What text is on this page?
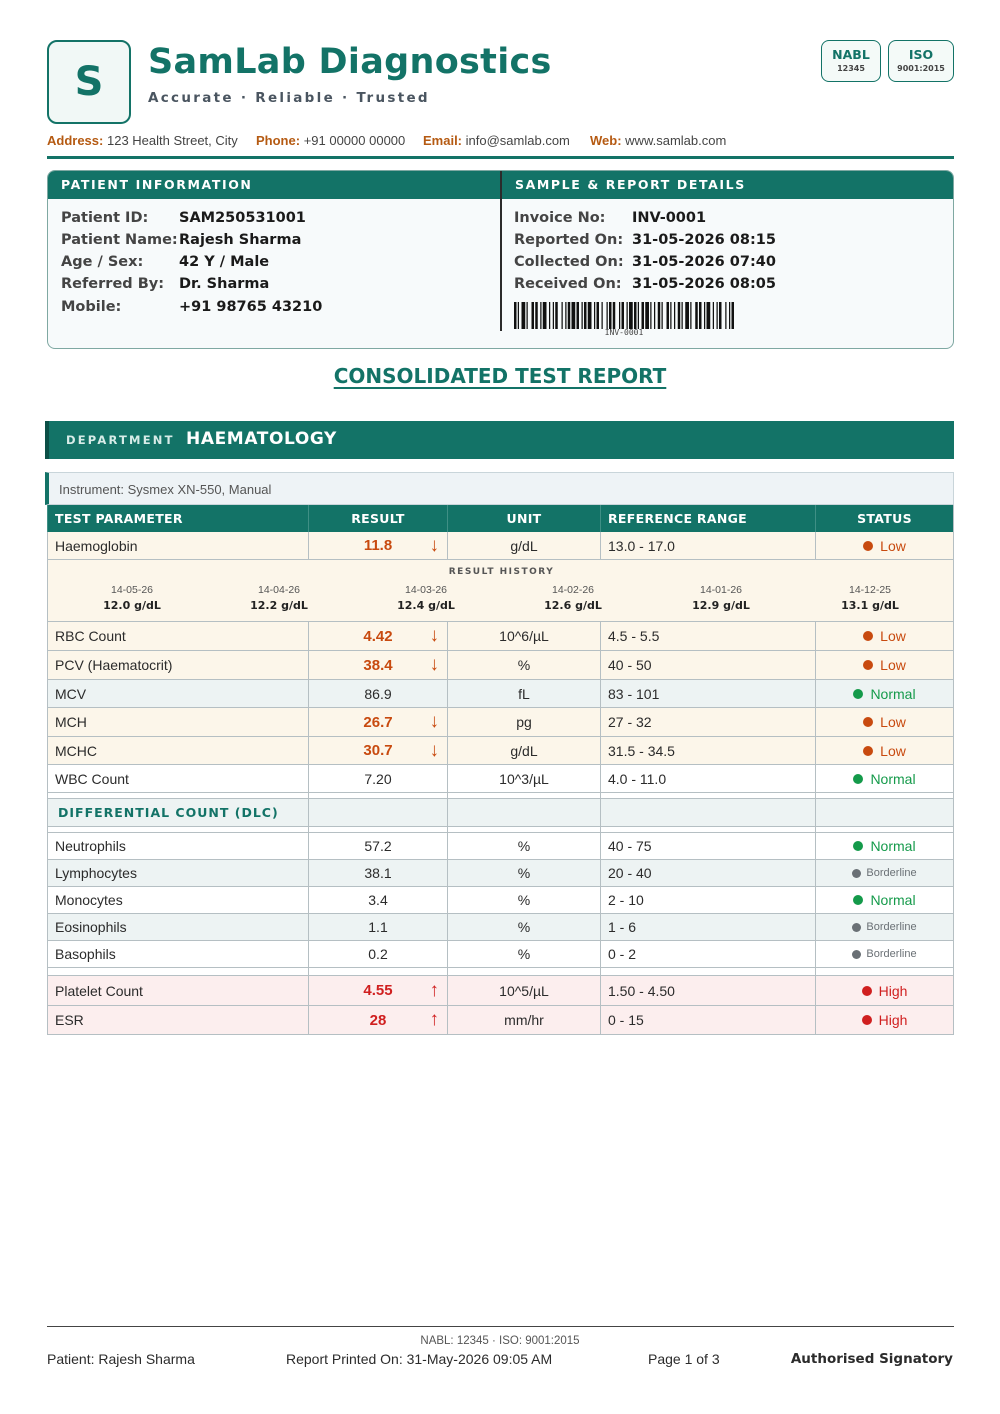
S	SamLab Diagnostics
Accurate · Reliable · Trusted
NABL
12345
ISO
9001:2015
Address: 123 Health Street, City Phone: +91 00000 00000 Email: info@samlab.com Web: www.samlab.com
PATIENT INFORMATION	SAMPLE & REPORT DETAILS
Patient ID: SAM250531001
Patient Name: Rajesh Sharma
Age / Sex: 42 Y / Male
Referred By: Dr. Sharma
Mobile:	+91 98765 43210
Invoice No: INV-0001
Reported On: 31-05-2026 08:15
Collected On: 31-05-2026 07:40
Received On: 31-05-2026 08:05
INV-0001
CONSOLIDATED TEST REPORT
DEPARTMENT HAEMATOLOGY
Instrument: Sysmex XN-550, Manual
TEST PARAMETER	RESULT	UNIT	REFERENCE RANGE	STATUS
Haemoglobin	11.8 ↓	g/dL	13.0 - 17.0	Low
RESULT HISTORY
14-05-26
12.0 g/dL
14-04-26
12.2 g/dL
14-03-26
12.4 g/dL
14-02-26
12.6 g/dL
14-01-26
12.9 g/dL
14-12-25
13.1 g/dL
RBC Count	4.42 ↓	10^6/µL	4.5 - 5.5	Low
PCV (Haematocrit)	38.4 ↓	%	40 - 50	Low
MCV	86.9	fL	83 - 101	Normal
MCH	26.7 ↓	pg	27 - 32	Low
MCHC	30.7 ↓	g/dL	31.5 - 34.5	Low
WBC Count	7.20	10^3/µL	4.0 - 11.0	Normal
DIFFERENTIAL COUNT (DLC)
Neutrophils	57.2	%	40 - 75	Normal
Lymphocytes	38.1	%	20 - 40	Borderline
Monocytes	3.4	%	2 - 10	Normal
Eosinophils	1.1	%	1 - 6	Borderline
Basophils	0.2	%	0 - 2	Borderline
Platelet Count	4.55 ↑	10^5/µL	1.50 - 4.50	High
ESR	28 ↑	mm/hr	0 - 15	High
NABL: 12345 · ISO: 9001:2015
Patient: Rajesh Sharma	Report Printed On: 31-May-2026 09:05 AM	Page 1 of 3	Authorised Signatory
